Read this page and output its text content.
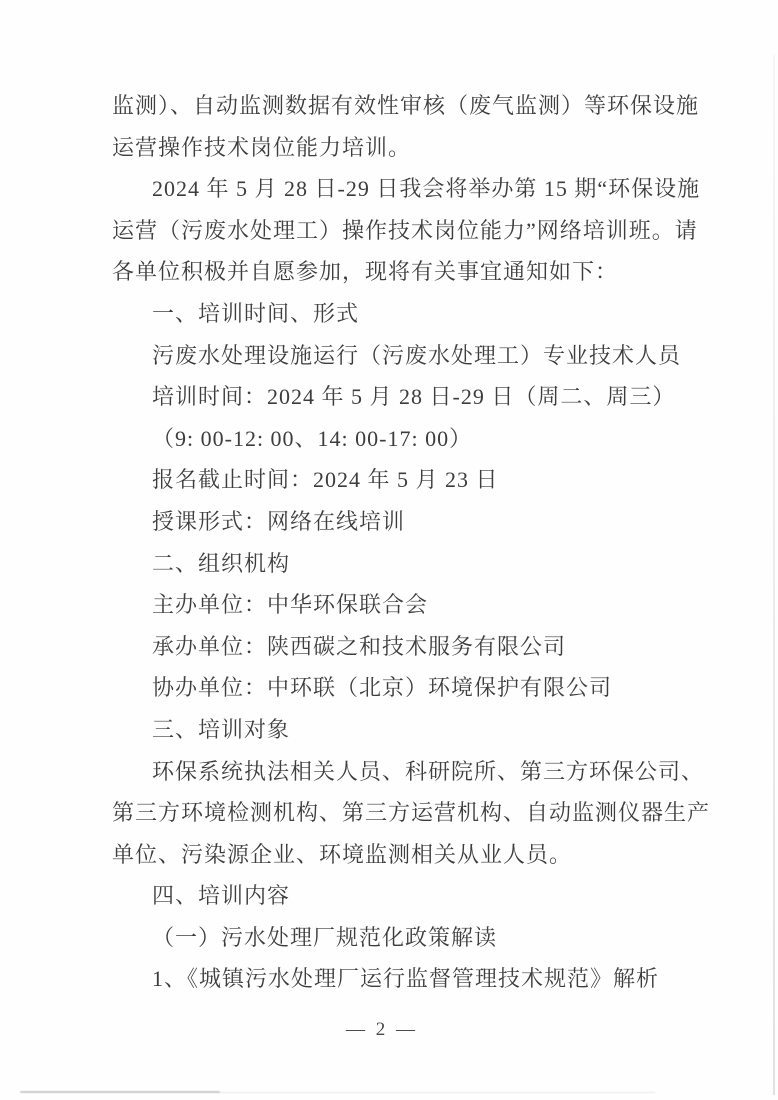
监测）、自动监测数据有效性审核（废气监测）等环保设施
运营操作技术岗位能力培训。
2024 年 5 月 28 日-29 日我会将举办第 15 期“环保设施
运营（污废水处理工）操作技术岗位能力”网络培训班。请
各单位积极并自愿参加，现将有关事宜通知如下：
一、培训时间、形式
污废水处理设施运行（污废水处理工）专业技术人员
培训时间：2024 年 5 月 28 日-29 日（周二、周三）
（9: 00-12: 00、14: 00-17: 00）
报名截止时间：2024 年 5 月 23 日
授课形式：网络在线培训
二、组织机构
主办单位：中华环保联合会
承办单位：陕西碳之和技术服务有限公司
协办单位：中环联（北京）环境保护有限公司
三、培训对象
环保系统执法相关人员、科研院所、第三方环保公司、
第三方环境检测机构、第三方运营机构、自动监测仪器生产
单位、污染源企业、环境监测相关从业人员。
四、培训内容
（一）污水处理厂规范化政策解读
1、《城镇污水处理厂运行监督管理技术规范》解析
— 2 —
